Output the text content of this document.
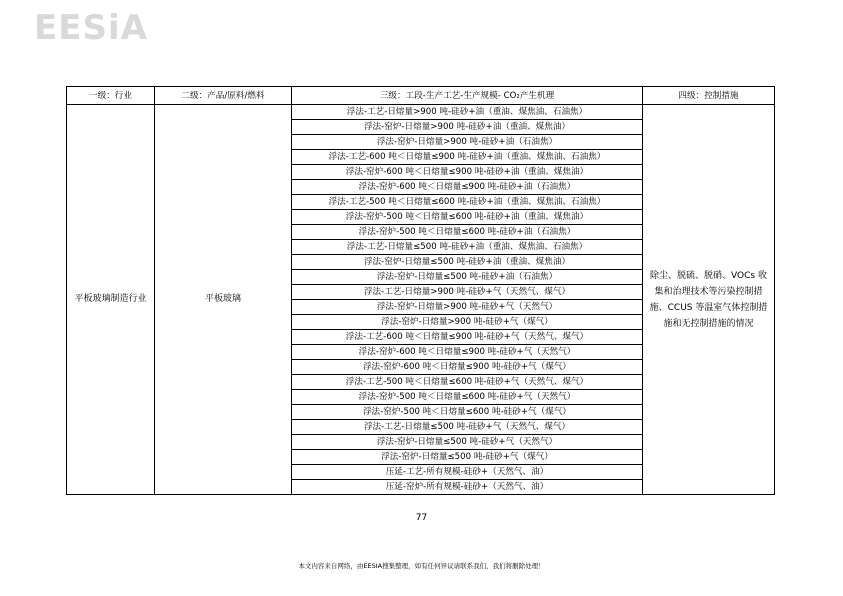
EESiA
一级：行业	二级：产品/原料/燃料	三级：工段-生产工艺-生产规模- CO₂产生机理	四级：控制措施
平板玻璃制造行业	平板玻璃	浮法-工艺-日熔量>900 吨-硅砂+油（重油、煤焦油、石油焦）	除尘、脱硫、脱硝、VOCs 收集和治理技术等污染控制措施、CCUS 等温室气体控制措施和无控制措施的情况
		浮法-窑炉-日熔量>900 吨-硅砂+油（重油、煤焦油）	
		浮法-窑炉-日熔量>900 吨-硅砂+油（石油焦）	
		浮法-工艺-600 吨＜日熔量≤900 吨-硅砂+油（重油、煤焦油、石油焦）	
		浮法-窑炉-600 吨＜日熔量≤900 吨-硅砂+油（重油、煤焦油）	
		浮法-窑炉-600 吨＜日熔量≤900 吨-硅砂+油（石油焦）	
		浮法-工艺-500 吨＜日熔量≤600 吨-硅砂+油（重油、煤焦油、石油焦）	
		浮法-窑炉-500 吨＜日熔量≤600 吨-硅砂+油（重油、煤焦油）	
		浮法-窑炉-500 吨＜日熔量≤600 吨-硅砂+油（石油焦）	
		浮法-工艺-日熔量≤500 吨-硅砂+油（重油、煤焦油、石油焦）	
		浮法-窑炉-日熔量≤500 吨-硅砂+油（重油、煤焦油）	
		浮法-窑炉-日熔量≤500 吨-硅砂+油（石油焦）	
		浮法-工艺-日熔量>900 吨-硅砂+气（天然气、煤气）	
		浮法-窑炉-日熔量>900 吨-硅砂+气（天然气）	
		浮法-窑炉-日熔量>900 吨-硅砂+气（煤气）	
		浮法-工艺-600 吨＜日熔量≤900 吨-硅砂+气（天然气、煤气）	
		浮法-窑炉-600 吨＜日熔量≤900 吨-硅砂+气（天然气）	
		浮法-窑炉-600 吨＜日熔量≤900 吨-硅砂+气（煤气）	
		浮法-工艺-500 吨＜日熔量≤600 吨-硅砂+气（天然气、煤气）	
		浮法-窑炉-500 吨＜日熔量≤600 吨-硅砂+气（天然气）	
		浮法-窑炉-500 吨＜日熔量≤600 吨-硅砂+气（煤气）	
		浮法-工艺-日熔量≤500 吨-硅砂+气（天然气、煤气）	
		浮法-窑炉-日熔量≤500 吨-硅砂+气（天然气）	
		浮法-窑炉-日熔量≤500 吨-硅砂+气（煤气）	
		压延-工艺-所有规模-硅砂+（天然气、油）	
		压延-窑炉-所有规模-硅砂+（天然气、油）	
77
本文内容来自网络，由EESIA搜集整理，如有任何异议请联系我们，我们将删除处理！
